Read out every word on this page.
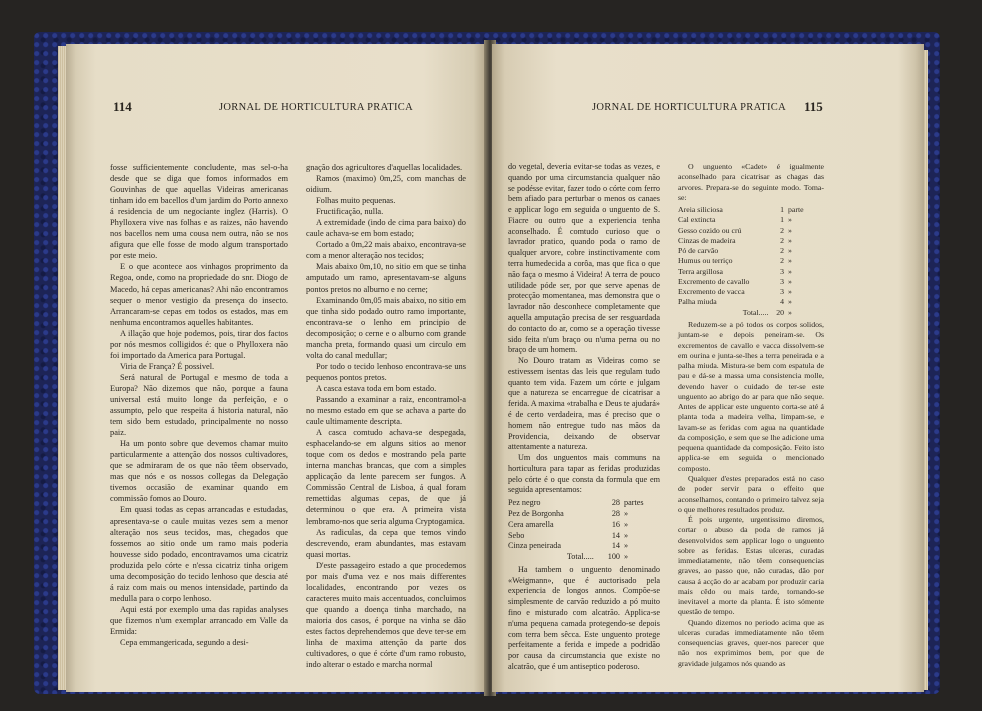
114	JORNAL DE HORTICULTURA PRATICA

fosse sufficientemente concludente, mas sel-o-ha desde que se diga que fomos informados em Gouvinhas de que aquellas Videiras americanas tinham ido em bacellos d'um jardim do Porto annexo á residencia de um negociante inglez (Harris). O Phylloxera vive nas folhas e as raizes, não havendo nos bacellos nem uma cousa nem outra, não se nos afigura que elle fosse de modo algum transportado por este meio.

E o que acontece aos vinhagos proprimento da Regoa, onde, como na propriedade do snr. Diogo de Macedo, há cepas americanas? Ahi não encontramos sequer o menor vestigio da presença do insecto. Arrancaram-se cepas em todos os estados, mas em nenhuma encontramos aquelles habitantes.

A illação que hoje podemos, pois, tirar dos factos por nós mesmos colligidos é: que o Phylloxera não foi importado da America para Portugal.

Viria de França? É possivel.

Será natural de Portugal e mesmo de toda a Europa? Não dizemos que não, porque a fauna universal está muito longe da perfeição, e o assumpto, pelo que respeita á historia natural, não tem sido bem estudado, principalmente no nosso paiz.

Ha um ponto sobre que devemos chamar muito particularmente a attenção dos nossos cultivadores, que se admiraram de os que não têem observado, mas que nós e os nossos collegas da Delegação tivemos occasião de examinar quando em commissão fomos ao Douro.

Em quasi todas as cepas arrancadas e estudadas, apresentava-se o caule muitas vezes sem a menor alteração nos seus tecidos, mas, chegados que fossemos ao sitio onde um ramo mais poderia houvesse sido podado, encontravamos uma cicatriz produzida pelo córte e n'essa cicatriz tinha origem uma decomposição do tecido lenhoso que descia até á raiz com mais ou menos intensidade, partindo da medulla para o corpo lenhoso.

Aqui está por exemplo uma das rapidas analyses que fizemos n'um exemplar arrancado em Valle da Ermida:

Cepa emmangericada, segundo a desi-

gnação dos agricultores d'aquellas localidades.

Ramos (maximo) 0m,25, com manchas de oidium.

Folhas muito pequenas.

Fructificação, nulla.

A extremidade (indo de cima para baixo) do caule achava-se em bom estado;

Cortado a 0m,22 mais abaixo, encontrava-se com a menor alteração nos tecidos;

Mais abaixo 0m,10, no sitio em que se tinha amputado um ramo, apresentavam-se alguns pontos pretos no alburno e no cerne;

Examinando 0m,05 mais abaixo, no sitio em que tinha sido podado outro ramo importante, encontrava-se o lenho em principio de decomposição; o cerne e o alburno com grande mancha preta, formando quasi um circulo em volta do canal medullar;

Por todo o tecido lenhoso encontrava-se uns pequenos pontos pretos.

A casca estava toda em bom estado.

Passando a examinar a raiz, encontramol-a no mesmo estado em que se achava a parte do caule ultimamente descripta.

A casca comtudo achava-se despegada, esphacelando-se em alguns sitios ao menor toque com os dedos e mostrando pela parte interna manchas brancas, que com a simples applicação da lente parecem ser fungos. A Commissão Central de Lisboa, á qual foram remettidas algumas cepas, de que já determinou o que era. A primeira vista lembramo-nos que seria alguma Cryptogamica.

As radiculas, da cepa que temos vindo descrevendo, eram abundantes, mas estavam quasi mortas.

D'este passageiro estado a que procedemos por mais d'uma vez e nos mais differentes localidades, encontrando por vezes os caracteres muito mais accentuados, concluimos que quando a doença tinha marchado, na maioria dos casos, é porque na vinha se dão estes factos deprehendemos que deve ter-se em linha de maxima attenção da parte dos cultivadores, o que é córte d'um ramo robusto, indo alterar o estado e marcha normal

JORNAL DE HORTICULTURA PRATICA 115

do vegetal, deveria evitar-se todas as vezes, e quando por uma circumstancia qualquer não se podésse evitar, fazer todo o córte com ferro bem afiado para perturbar o menos os canaes e applicar logo em seguida o unguento de S. Fiacre ou outro que a experiencia tenha aconselhado. É comtudo curioso que o lavrador pratico, quando poda o ramo de qualquer arvore, cobre instinctivamente com terra humedecida a corôa, mas que fica o que não faça o mesmo á Videira! A terra de pouco utilidade póde ser, por que serve apenas de protecção momentanea, mas demonstra que o lavrador não desconhece completamente que aquella amputação precisa de ser resguardada do contacto do ar, como se a operação tivesse sido feita n'um braço ou n'uma perna ou no braço de um homem.

No Douro tratam as Videiras como se estivessem isentas das leis que regulam tudo quanto tem vida. Fazem um córte e julgam que a natureza se encarregue de cicatrisar a ferida. A maxima «trabalha e Deus te ajudará» é de certo verdadeira, mas é preciso que o homem não entregue tudo nas mãos da Providencia, deixando de observar attentamente a natureza.

Um dos unguentos mais communs na horticultura para tapar as feridas produzidas pelo córte é o que consta da formula que em seguida apresentamos:

Pez negro	28	partes
Pez de Borgonha	28	»
Cera amarella	16	»
Sebo	14	»
Cinza peneirada	14	»
Total.....	100	»

Ha tambem o unguento denominado «Weigmann», que é auctorisado pela experiencia de longos annos. Compõe-se simplesmente de carvão reduzido a pó muito fino e misturado com alcatrão. Applica-se n'uma pequena camada protegendo-se depois com terra bem sêcca. Este unguento protege perfeitamente a ferida e impede a podridão por causa da circumstancia que existe no alcatrão, que é um antiseptico poderoso.

O unguento «Cadet» é igualmente aconselhado para cicatrisar as chagas das arvores. Prepara-se do seguinte modo. Toma-se:

Areia siliciosa	1	parte
Cal extincta	1	»
Gesso cozido ou crú	2	»
Cinzas de madeira	2	»
Pó de carvão	2	»
Humus ou terriço	2	»
Terra argillosa	3	»
Excremento de cavallo	3	»
Excremento de vacca	3	»
Palha miuda	4	»
Total.....	20	»

Reduzem-se a pó todos os corpos solidos, juntam-se e depois peneiram-se. Os excrementos de cavallo e vacca dissolvem-se em ourina e junta-se-lhes a terra peneirada e a palha miuda. Mistura-se bem com espatula de pau e dá-se a massa uma consistencia molle, devendo haver o cuidado de ter-se este unguento ao abrigo do ar para que não seque. Antes de applicar este unguento corta-se até á planta toda a madeira velha, limpam-se, e lavam-se as feridas com agua na quantidade da composição, e sem que se lhe adicione uma pequena quantidade da composição. Feito isto applica-se em seguida o mencionado composto.

Qualquer d'estes preparados está no caso de poder servir para o effeito que aconselhamos, contando o primeiro talvez seja o que melhores resultados produz.

É pois urgente, urgentissimo diremos, cortar o abuso da poda de ramos já desenvolvidos sem applicar logo o unguento sobre as feridas. Estas ulceras, curadas immediatamente, não têem consequencias graves, ao passo que, não curadas, dão por causa á acção do ar acabam por produzir caria mais cêdo ou mais tarde, tornando-se inevitavel a morte da planta. É isto sómente questão de tempo.

Quando dizemos no periodo acima que as ulceras curadas immediatamente não têem consequencias graves, quer-nos parecer que não nos exprimimos bem, por que de gravidade julgamos nós quando as
